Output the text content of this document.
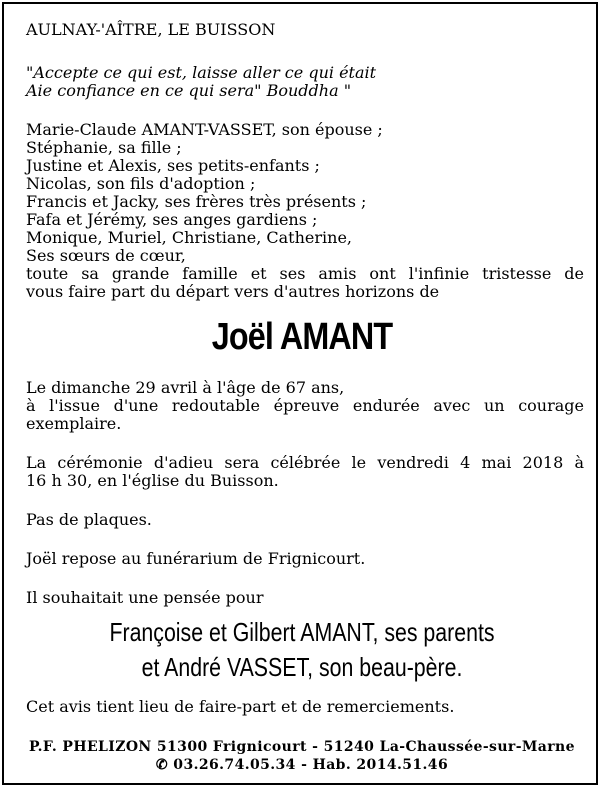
AULNAY-'AÎTRE, LE BUISSON
"Accepte ce qui est, laisse aller ce qui était
Aie confiance en ce qui sera" Bouddha "
Marie-Claude AMANT-VASSET, son épouse ;
Stéphanie, sa fille ;
Justine et Alexis, ses petits-enfants ;
Nicolas, son fils d'adoption ;
Francis et Jacky, ses frères très présents ;
Fafa et Jérémy, ses anges gardiens ;
Monique, Muriel, Christiane, Catherine,
Ses sœurs de cœur,
toute sa grande famille et ses amis ont l'infinie tristesse de
vous faire part du départ vers d'autres horizons de
Joël AMANT
Le dimanche 29 avril à l'âge de 67 ans,
à l'issue d'une redoutable épreuve endurée avec un courage
exemplaire.
La cérémonie d'adieu sera célébrée le vendredi 4 mai 2018 à
16 h 30, en l'église du Buisson.
Pas de plaques.
Joël repose au funérarium de Frignicourt.
Il souhaitait une pensée pour
Françoise et Gilbert AMANT, ses parents
et André VASSET, son beau-père.
Cet avis tient lieu de faire-part et de remerciements.
P.F. PHELIZON 51300 Frignicourt - 51240 La-Chaussée-sur-Marne
✆ 03.26.74.05.34 - Hab. 2014.51.46
